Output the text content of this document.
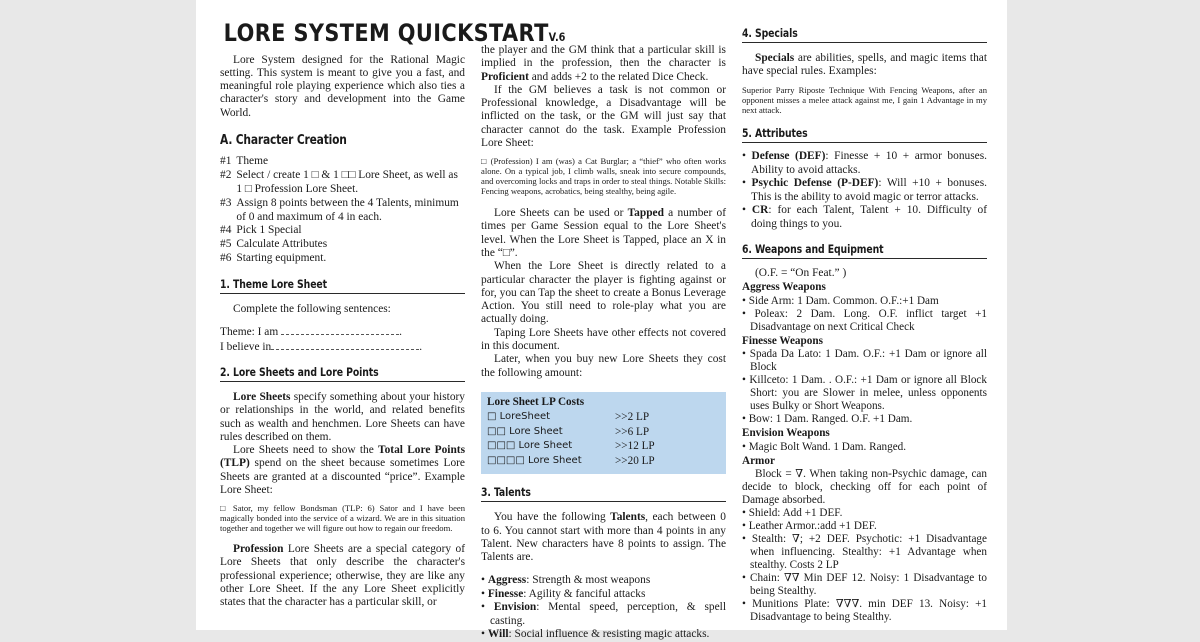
LORE SYSTEM QUICKSTARTV.6

Lore System designed for the Rational Magic setting. This system is meant to give you a fast, and meaningful role playing experience which also ties a character's story and development into the Game World.

A. Character Creation
#1 Theme
#2 Select / create 1 □ & 1 □□ Lore Sheet, as well as 1 □ Profession Lore Sheet.
#3 Assign 8 points between the 4 Talents, minimum of 0 and maximum of 4 in each.
#4 Pick 1 Special
#5 Calculate Attributes
#6 Starting equipment.
1. Theme Lore Sheet

Complete the following sentences:

Theme: I am	.
I believe in	.
2. Lore Sheets and Lore Points

Lore Sheets specify something about your history or relationships in the world, and related benefits such as wealth and henchmen. Lore Sheets can have rules described on them.

Lore Sheets need to show the Total Lore Points (TLP) spend on the sheet because sometimes Lore Sheets are granted at a discounted “price”. Example Lore Sheet:

□ Sator, my fellow Bondsman (TLP: 6) Sator and I have been magically bonded into the service of a wizard. We are in this situation together and together we will figure out how to regain our freedom.

Profession Lore Sheets are a special category of Lore Sheets that only describe the character's professional experience; otherwise, they are like any other Lore Sheet. If the any Lore Sheet explicitly states that the character has a particular skill, or

the player and the GM think that a particular skill is implied in the profession, then the character is Proficient and adds +2 to the related Dice Check.

If the GM believes a task is not common or Professional knowledge, a Disadvantage will be inflicted on the task, or the GM will just say that character cannot do the task. Example Profession Lore Sheet:

□ (Profession) I am (was) a Cat Burglar; a “thief” who often works alone. On a typical job, I climb walls, sneak into secure compounds, and overcoming locks and traps in order to steal things. Notable Skills: Fencing weapons, acrobatics, being stealthy, being agile.

Lore Sheets can be used or Tapped a number of times per Game Session equal to the Lore Sheet's level. When the Lore Sheet is Tapped, place an X in the “□”.

When the Lore Sheet is directly related to a particular character the player is fighting against or for, you can Tap the sheet to create a Bonus Leverage Action. You still need to role-play what you are actually doing.

Taping Lore Sheets have other effects not covered in this document.

Later, when you buy new Lore Sheets they cost the following amount:

Lore Sheet LP Costs
□ LoreSheet	>>2 LP
□□ Lore Sheet	>>6 LP
□□□ Lore Sheet	>>12 LP
□□□□ Lore Sheet	>>20 LP
3. Talents

You have the following Talents, each between 0 to 6. You cannot start with more than 4 points in any Talent. New characters have 8 points to assign. The Talents are.

• Aggress: Strength & most weapons
• Finesse: Agility & fanciful attacks
• Envision: Mental speed, perception, & spell casting.
• Will: Social influence & resisting magic attacks.
4. Specials

Specials are abilities, spells, and magic items that have special rules. Examples:

Superior Parry Riposte Technique With Fencing Weapons, after an opponent misses a melee attack against me, I gain 1 Advantage in my next attack.

5. Attributes
• Defense (DEF): Finesse + 10 + armor bonuses. Ability to avoid attacks.
• Psychic Defense (P-DEF): Will +10 + bonuses. This is the ability to avoid magic or terror attacks.
• CR: for each Talent, Talent + 10. Difficulty of doing things to you.
6. Weapons and Equipment

(O.F. = “On Feat.” )

Aggress Weapons
• Side Arm: 1 Dam. Common. O.F.:+1 Dam
• Poleax: 2 Dam. Long. O.F. inflict target +1 Disadvantage on next Critical Check
Finesse Weapons
• Spada Da Lato: 1 Dam. O.F.: +1 Dam or ignore all Block
• Killceto: 1 Dam. . O.F.: +1 Dam or ignore all Block Short: you are Slower in melee, unless opponents uses Bulky or Short Weapons.
• Bow: 1 Dam. Ranged. O.F. +1 Dam.
Envision Weapons
• Magic Bolt Wand. 1 Dam. Ranged.
Armor

Block = ∇. When taking non-Psychic damage, can decide to block, checking off for each point of Damage absorbed.

• Shield: Add +1 DEF.
• Leather Armor.:add +1 DEF.
• Stealth: ∇; +2 DEF. Psychotic: +1 Disadvantage when influencing. Stealthy: +1 Advantage when stealthy. Costs 2 LP
• Chain: ∇∇ Min DEF 12. Noisy: 1 Disadvantage to being Stealthy.
• Munitions Plate: ∇∇∇. min DEF 13. Noisy: +1 Disadvantage to being Stealthy.
